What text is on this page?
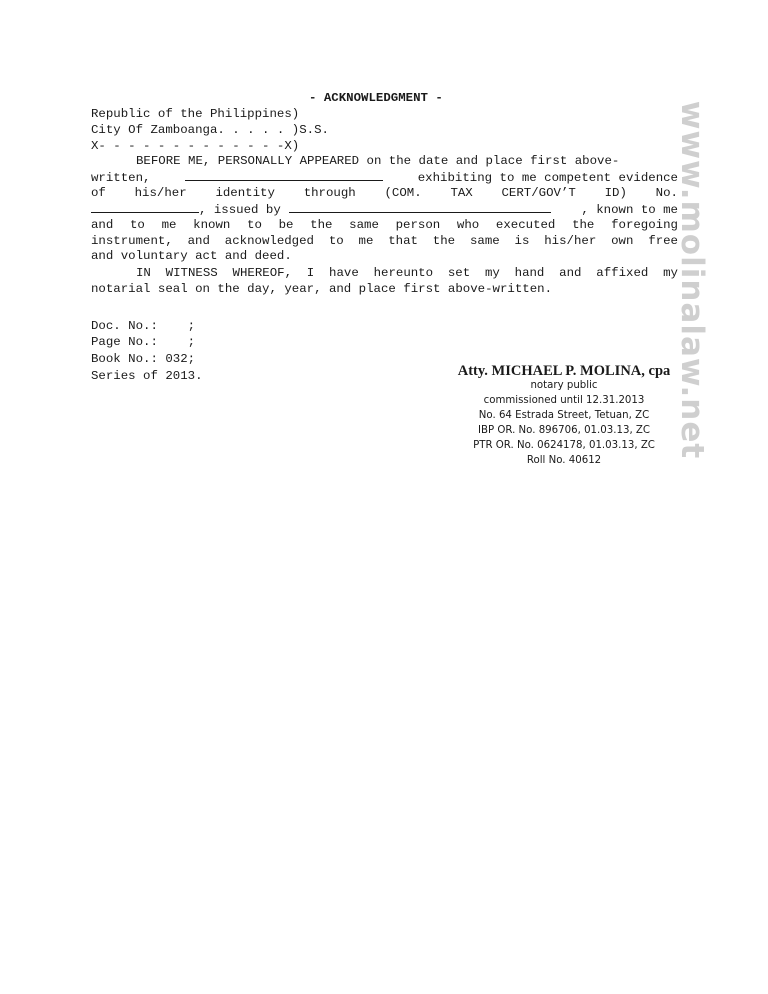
- ACKNOWLEDGMENT -
Republic of the Philippines)
City Of Zamboanga. . . . . )S.S.
X- - - - - - - - - - - - -X)
BEFORE ME, PERSONALLY APPEARED on the date and place first above-
written,	exhibiting to me competent evidence
of his/her identity through (COM. TAX CERT/GOV’T ID) No.
, issued by	, known to me
and to me known to be the same person who executed the foregoing
instrument, and acknowledged to me that the same is his/her own free
and voluntary act and deed.
IN WITNESS WHEREOF, I have hereunto set my hand and affixed my
notarial seal on the day, year, and place first above-written.
Doc. No.:    ;
Page No.:    ;
Book No.: 032;
Series of 2013.	Atty. MICHAEL P. MOLINA, cpa
notary public
commissioned until 12.31.2013
No. 64 Estrada Street, Tetuan, ZC
IBP OR. No. 896706, 01.03.13, ZC
PTR OR. No. 0624178, 01.03.13, ZC
Roll No. 40612
www.molinalaw.net
